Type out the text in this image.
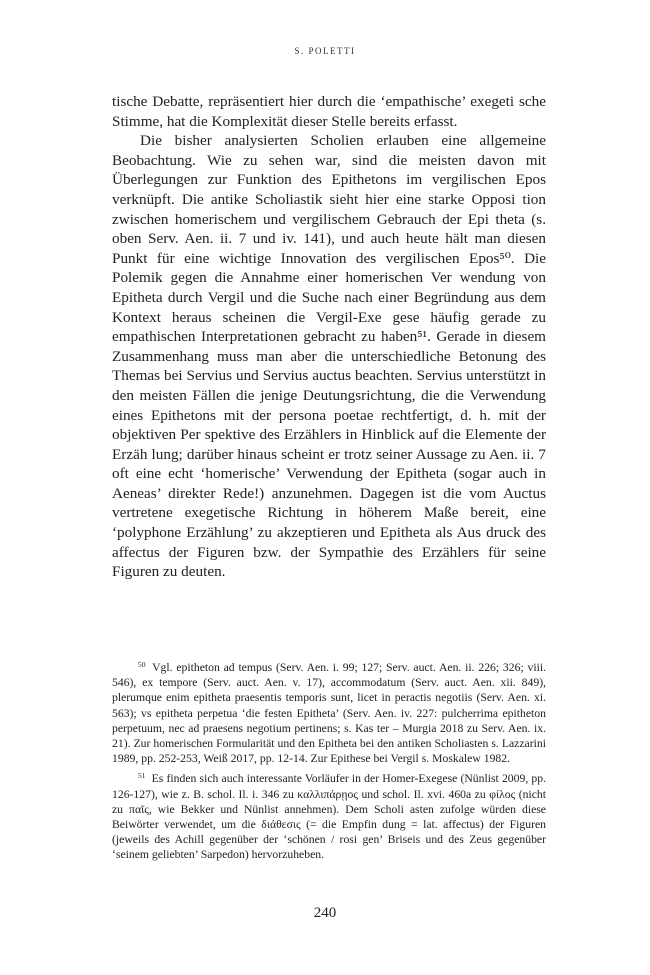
S. POLETTI

tische Debatte, repräsentiert hier durch die ‘empathische’ exegeti sche Stimme, hat die Komplexität dieser Stelle bereits erfasst.

Die bisher analysierten Scholien erlauben eine allgemeine Beobachtung. Wie zu sehen war, sind die meisten davon mit Überlegungen zur Funktion des Epithetons im vergilischen Epos verknüpft. Die antike Scholiastik sieht hier eine starke Opposi tion zwischen homerischem und vergilischem Gebrauch der Epi theta (s. oben Serv. Aen. ii. 7 und iv. 141), und auch heute hält man diesen Punkt für eine wichtige Innovation des vergilischen Epos⁵⁰. Die Polemik gegen die Annahme einer homerischen Ver wendung von Epitheta durch Vergil und die Suche nach einer Begründung aus dem Kontext heraus scheinen die Vergil-Exe gese häufig gerade zu empathischen Interpretationen gebracht zu haben⁵¹. Gerade in diesem Zusammenhang muss man aber die unterschiedliche Betonung des Themas bei Servius und Servius auctus beachten. Servius unterstützt in den meisten Fällen die jenige Deutungsrichtung, die die Verwendung eines Epithetons mit der persona poetae rechtfertigt, d. h. mit der objektiven Per spektive des Erzählers in Hinblick auf die Elemente der Erzäh lung; darüber hinaus scheint er trotz seiner Aussage zu Aen. ii. 7 oft eine echt ‘homerische’ Verwendung der Epitheta (sogar auch in Aeneas’ direkter Rede!) anzunehmen. Dagegen ist die vom Auctus vertretene exegetische Richtung in höherem Maße bereit, eine ‘polyphone Erzählung’ zu akzeptieren und Epitheta als Aus druck des affectus der Figuren bzw. der Sympathie des Erzählers für seine Figuren zu deuten.

$^{50}$ Vgl. epitheton ad tempus (Serv. Aen. i. 99; 127; Serv. auct. Aen. ii. 226; 326; viii. 546), ex tempore (Serv. auct. Aen. v. 17), accommodatum (Serv. auct. Aen. xii. 849), plerumque enim epitheta praesentis temporis sunt, licet in peractis negotiis (Serv. Aen. xi. 563); vs epitheta perpetua ‘die festen Epitheta’ (Serv. Aen. iv. 227: pulcherrima epitheton perpetuum, nec ad praesens negotium pertinens; s. Kas ter – Murgia 2018 zu Serv. Aen. ix. 21). Zur homerischen Formularität und den Epitheta bei den antiken Scholiasten s. Lazzarini 1989, pp. 252-253, Weiß 2017, pp. 12-14. Zur Epithese bei Vergil s. Moskalew 1982.

$^{51}$ Es finden sich auch interessante Vorläufer in der Homer-Exegese (Nünlist 2009, pp. 126-127), wie z. B. schol. Il. i. 346 zu καλλιπάρῃος und schol. Il. xvi. 460a zu φίλος (nicht zu παῖς, wie Bekker und Nünlist annehmen). Dem Scholi asten zufolge würden diese Beiwörter verwendet, um die διάθεσις (= die Empfin dung = lat. affectus) der Figuren (jeweils des Achill gegenüber der ‘schönen / rosi gen’ Briseis und des Zeus gegenüber ‘seinem geliebten’ Sarpedon) hervorzuheben.

240
